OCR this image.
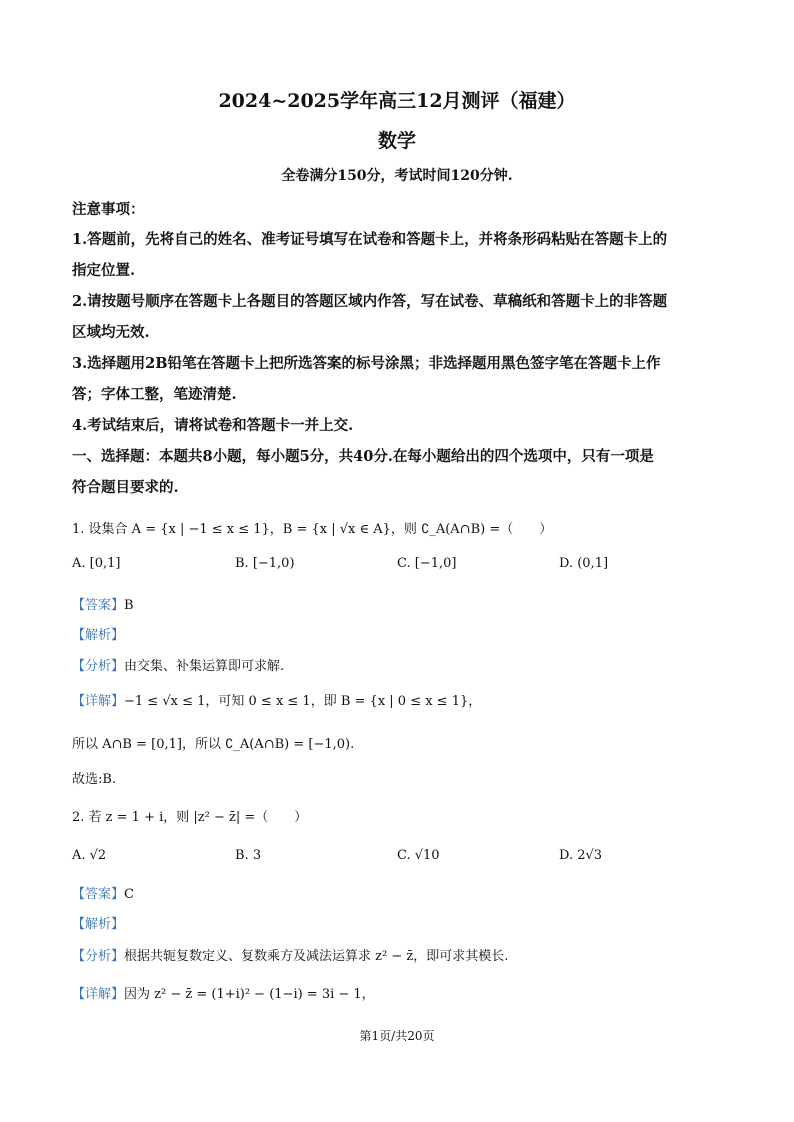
2024~2025学年高三12月测评（福建）
数学
全卷满分150分，考试时间120分钟.
注意事项：
1.答题前，先将自己的姓名、准考证号填写在试卷和答题卡上，并将条形码粘贴在答题卡上的
指定位置.
2.请按题号顺序在答题卡上各题目的答题区域内作答，写在试卷、草稿纸和答题卡上的非答题
区域均无效.
3.选择题用2B铅笔在答题卡上把所选答案的标号涂黑；非选择题用黑色签字笔在答题卡上作
答；字体工整，笔迹清楚.
4.考试结束后，请将试卷和答题卡一并上交.
一、选择题：本题共8小题，每小题5分，共40分.在每小题给出的四个选项中，只有一项是
符合题目要求的.
1. 设集合 A = {x | −1 ≤ x ≤ 1}，B = {x | √x ∈ A}，则 ∁_A(A∩B) =（　　）
A. [0,1]	B. [−1,0)	C. [−1,0]	D. (0,1]
【答案】B
【解析】
【分析】由交集、补集运算即可求解.
【详解】−1 ≤ √x ≤ 1，可知 0 ≤ x ≤ 1，即 B = {x | 0 ≤ x ≤ 1}，
所以 A∩B = [0,1]，所以 ∁_A(A∩B) = [−1,0).
故选:B.
2. 若 z = 1 + i，则 |z² − z̄| =（　　）
A. √2	B. 3	C. √10	D. 2√3
【答案】C
【解析】
【分析】根据共轭复数定义、复数乘方及减法运算求 z² − z̄，即可求其模长.
【详解】因为 z² − z̄ = (1+i)² − (1−i) = 3i − 1，
第1页/共20页
